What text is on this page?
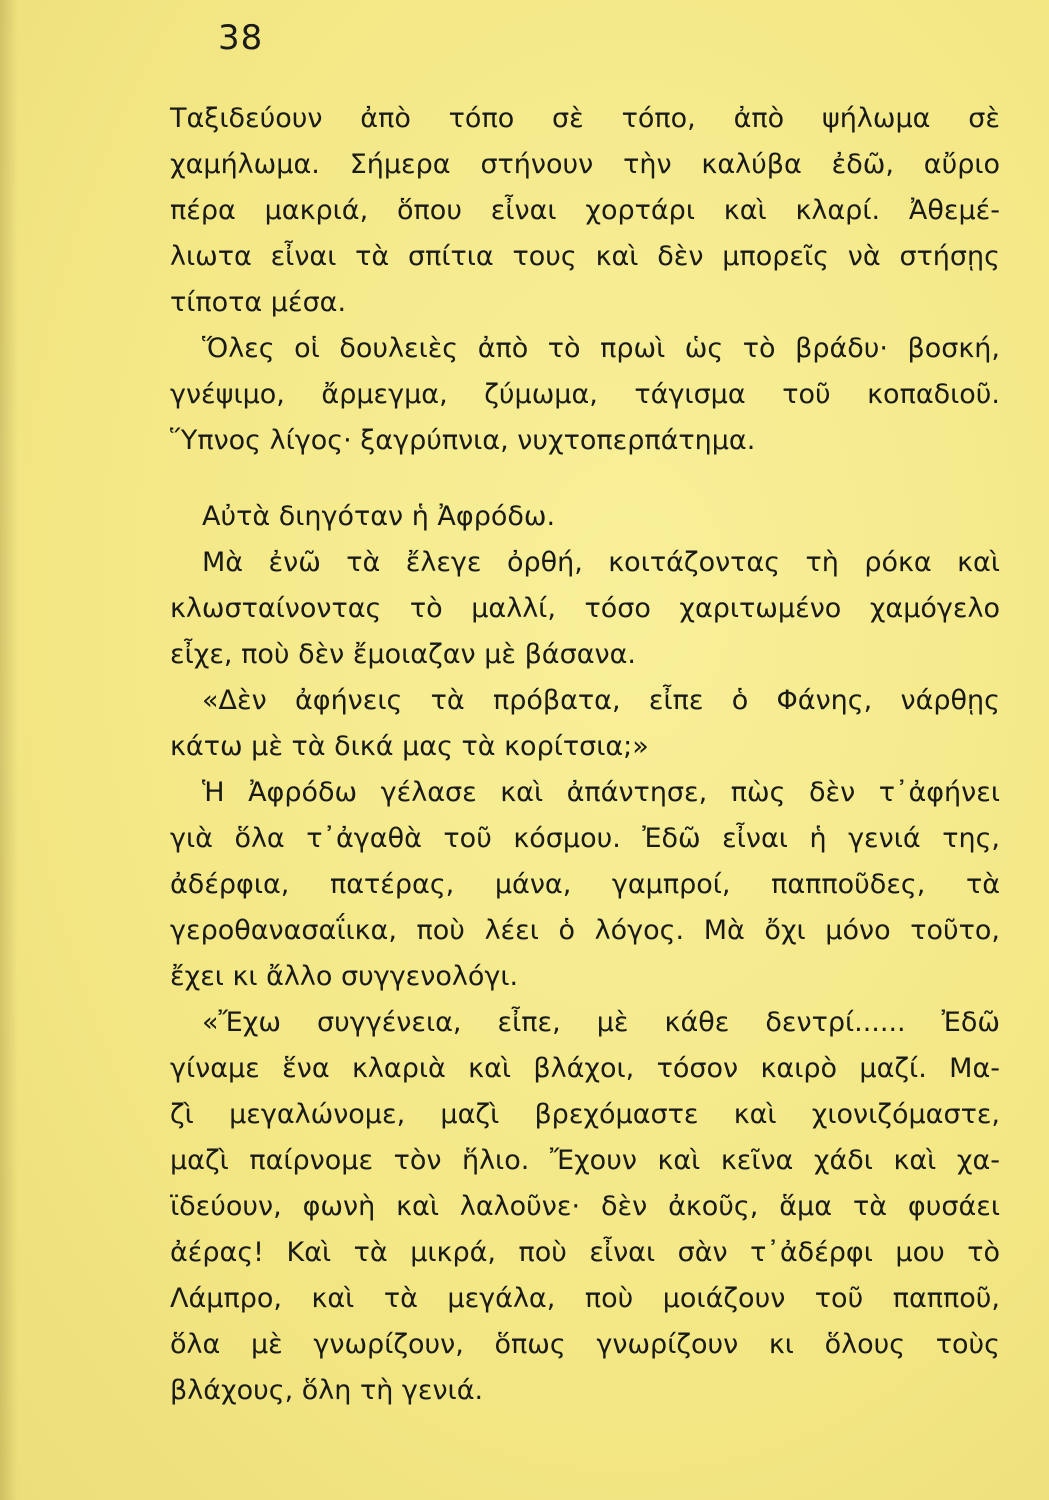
38
Ταξιδεύουν ἀπὸ τόπο σὲ τόπο, ἀπὸ ψήλωμα σὲ
χαμήλωμα. Σήμερα στήνουν τὴν καλύβα ἐδῶ, αὔριο
πέρα μακριά, ὅπου εἶναι χορτάρι καὶ κλαρί. Ἀθεμέ-
λιωτα εἶναι τὰ σπίτια τους καὶ δὲν μπορεῖς νὰ στήσῃς
τίποτα μέσα.
Ὅλες οἱ δουλειὲς ἀπὸ τὸ πρωὶ ὡς τὸ βράδυ· βοσκή,
γνέψιμο, ἄρμεγμα, ζύμωμα, τάγισμα τοῦ κοπαδιοῦ.
Ὕπνος λίγος· ξαγρύπνια, νυχτοπερπάτημα.
Αὐτὰ διηγόταν ἡ Ἀφρόδω.
Μὰ ἐνῶ τὰ ἔλεγε ὀρθή, κοιτάζοντας τὴ ρόκα καὶ
κλωσταίνοντας τὸ μαλλί, τόσο χαριτωμένο χαμόγελο
εἶχε, ποὺ δὲν ἔμοιαζαν μὲ βάσανα.
«Δὲν ἀφήνεις τὰ πρόβατα, εἶπε ὁ Φάνης, νάρθῃς
κάτω μὲ τὰ δικά μας τὰ κορίτσια;»
Ἡ Ἀφρόδω γέλασε καὶ ἀπάντησε, πὼς δὲν τ᾽ἀφήνει
γιὰ ὅλα τ᾽ἀγαθὰ τοῦ κόσμου. Ἐδῶ εἶναι ἡ γενιά της,
ἀδέρφια, πατέρας, μάνα, γαμπροί, παπποῦδες, τὰ
γεροθανασαΐικα, ποὺ λέει ὁ λόγος. Μὰ ὄχι μόνο τοῦτο,
ἔχει κι ἄλλο συγγενολόγι.
«Ἔχω συγγένεια, εἶπε, μὲ κάθε δεντρί...... Ἐδῶ
γίναμε ἕνα κλαριὰ καὶ βλάχοι, τόσον καιρὸ μαζί. Μα-
ζὶ μεγαλώνομε, μαζὶ βρεχόμαστε καὶ χιονιζόμαστε,
μαζὶ παίρνομε τὸν ἥλιο. Ἔχουν καὶ κεῖνα χάδι καὶ χα-
ϊδεύουν, φωνὴ καὶ λαλοῦνε· δὲν ἀκοῦς, ἅμα τὰ φυσάει
ἀέρας! Καὶ τὰ μικρά, ποὺ εἶναι σὰν τ᾽ἀδέρφι μου τὸ
Λάμπρο, καὶ τὰ μεγάλα, ποὺ μοιάζουν τοῦ παπποῦ,
ὅλα μὲ γνωρίζουν, ὅπως γνωρίζουν κι ὅλους τοὺς
βλάχους, ὅλη τὴ γενιά.
